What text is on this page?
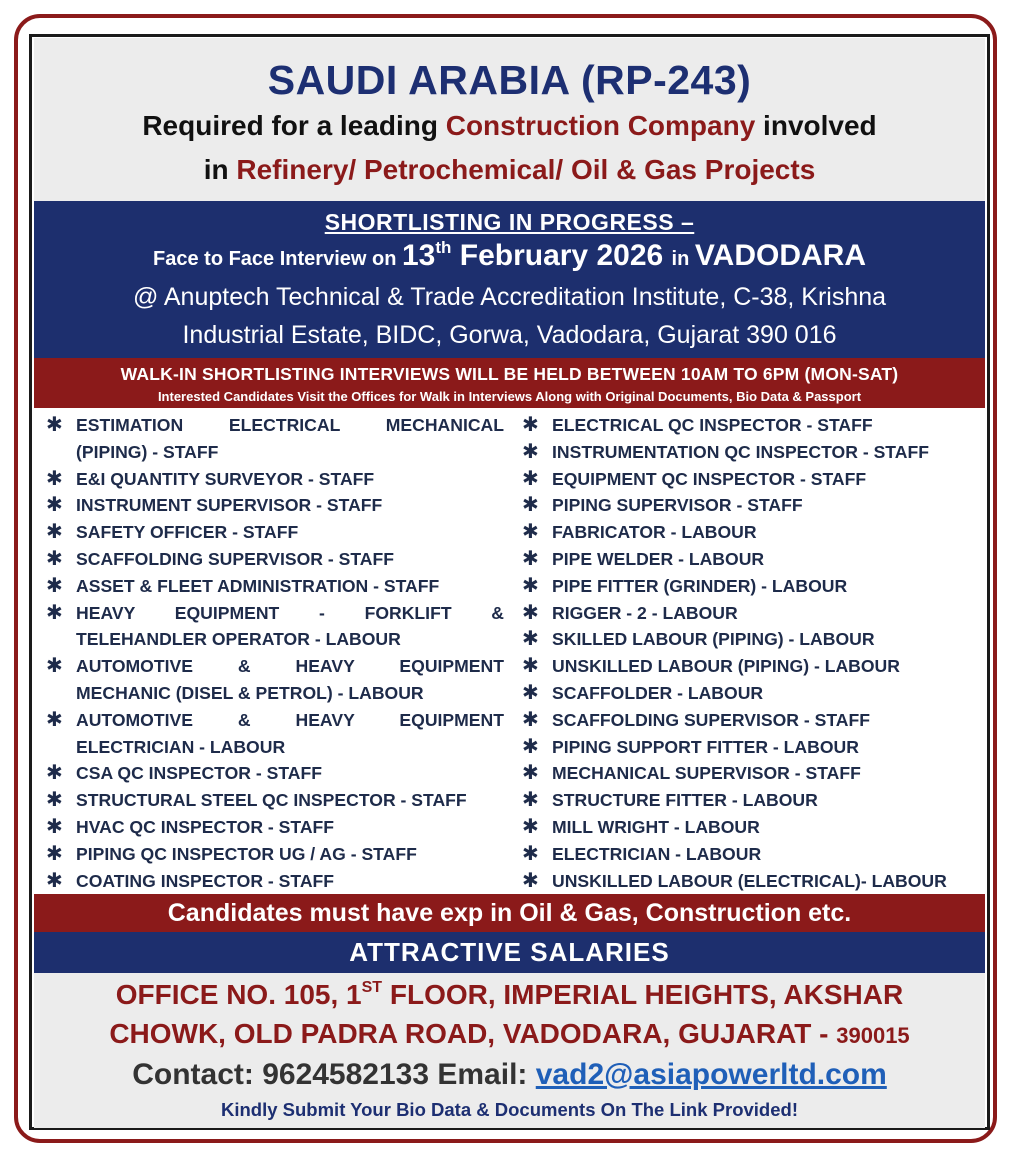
SAUDI ARABIA (RP-243)
Required for a leading Construction Company involved
in Refinery/ Petrochemical/ Oil & Gas Projects
SHORTLISTING IN PROGRESS –
Face to Face Interview on 13th February 2026 in VADODARA
@ Anuptech Technical & Trade Accreditation Institute, C-38, Krishna
Industrial Estate, BIDC, Gorwa, Vadodara, Gujarat 390 016
WALK-IN SHORTLISTING INTERVIEWS WILL BE HELD BETWEEN 10AM TO 6PM (MON-SAT)
Interested Candidates Visit the Offices for Walk in Interviews Along with Original Documents, Bio Data & Passport
✱ ESTIMATION ELECTRICAL MECHANICAL
(PIPING) - STAFF
✱ E&I QUANTITY SURVEYOR - STAFF
✱ INSTRUMENT SUPERVISOR - STAFF
✱ SAFETY OFFICER - STAFF
✱ SCAFFOLDING SUPERVISOR - STAFF
✱ ASSET & FLEET ADMINISTRATION - STAFF
✱ HEAVY EQUIPMENT - FORKLIFT &
TELEHANDLER OPERATOR - LABOUR
✱ AUTOMOTIVE & HEAVY EQUIPMENT
MECHANIC (DISEL & PETROL) - LABOUR
✱ AUTOMOTIVE & HEAVY EQUIPMENT
ELECTRICIAN - LABOUR
✱ CSA QC INSPECTOR - STAFF
✱ STRUCTURAL STEEL QC INSPECTOR - STAFF
✱ HVAC QC INSPECTOR - STAFF
✱ PIPING QC INSPECTOR UG / AG - STAFF
✱ COATING INSPECTOR - STAFF
✱ ELECTRICAL QC INSPECTOR - STAFF
✱ INSTRUMENTATION QC INSPECTOR - STAFF
✱ EQUIPMENT QC INSPECTOR - STAFF
✱ PIPING SUPERVISOR - STAFF
✱ FABRICATOR - LABOUR
✱ PIPE WELDER - LABOUR
✱ PIPE FITTER (GRINDER) - LABOUR
✱ RIGGER - 2 - LABOUR
✱ SKILLED LABOUR (PIPING) - LABOUR
✱ UNSKILLED LABOUR (PIPING) - LABOUR
✱ SCAFFOLDER - LABOUR
✱ SCAFFOLDING SUPERVISOR - STAFF
✱ PIPING SUPPORT FITTER - LABOUR
✱ MECHANICAL SUPERVISOR - STAFF
✱ STRUCTURE FITTER - LABOUR
✱ MILL WRIGHT - LABOUR
✱ ELECTRICIAN - LABOUR
✱ UNSKILLED LABOUR (ELECTRICAL)- LABOUR
Candidates must have exp in Oil & Gas, Construction etc.
ATTRACTIVE SALARIES
OFFICE NO. 105, 1ST FLOOR, IMPERIAL HEIGHTS, AKSHAR
CHOWK, OLD PADRA ROAD, VADODARA, GUJARAT - 390015
Contact: 9624582133 Email: vad2@asiapowerltd.com
Kindly Submit Your Bio Data & Documents On The Link Provided!
